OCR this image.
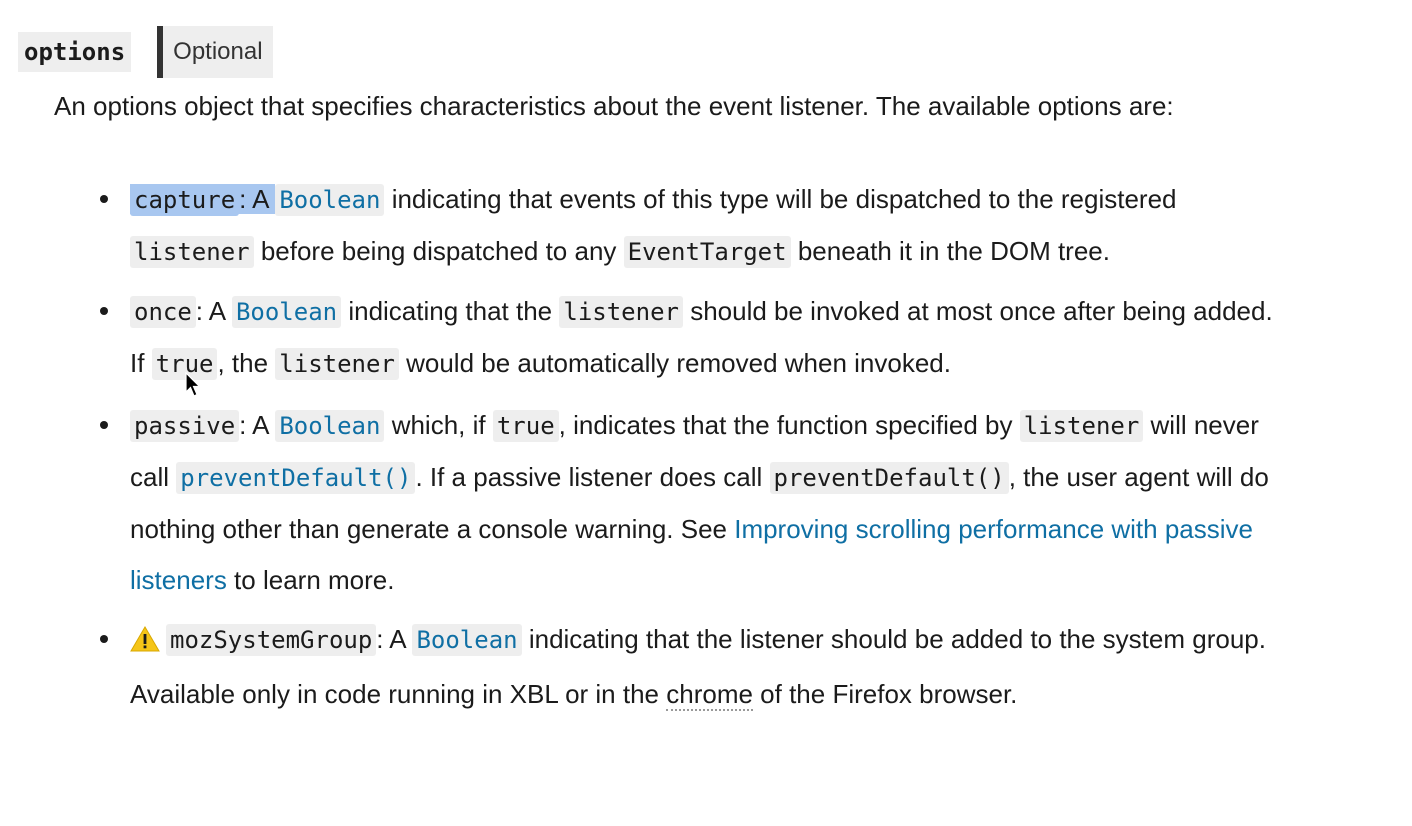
options	Optional

An options object that specifies characteristics about the event listener. The available options are:

capture : A Boolean indicating that events of this type will be dispatched to the registered listener before being dispatched to any EventTarget beneath it in the DOM tree.
once : A Boolean indicating that the listener should be invoked at most once after being added. If true , the listener would be automatically removed when invoked.
passive : A Boolean which, if true , indicates that the function specified by listener will never call preventDefault() . If a passive listener does call preventDefault() , the user agent will do nothing other than generate a console warning. See Improving scrolling performance with passive listeners to learn more.
mozSystemGroup : A Boolean indicating that the listener should be added to the system group. Available only in code running in XBL or in the chrome of the Firefox browser.
